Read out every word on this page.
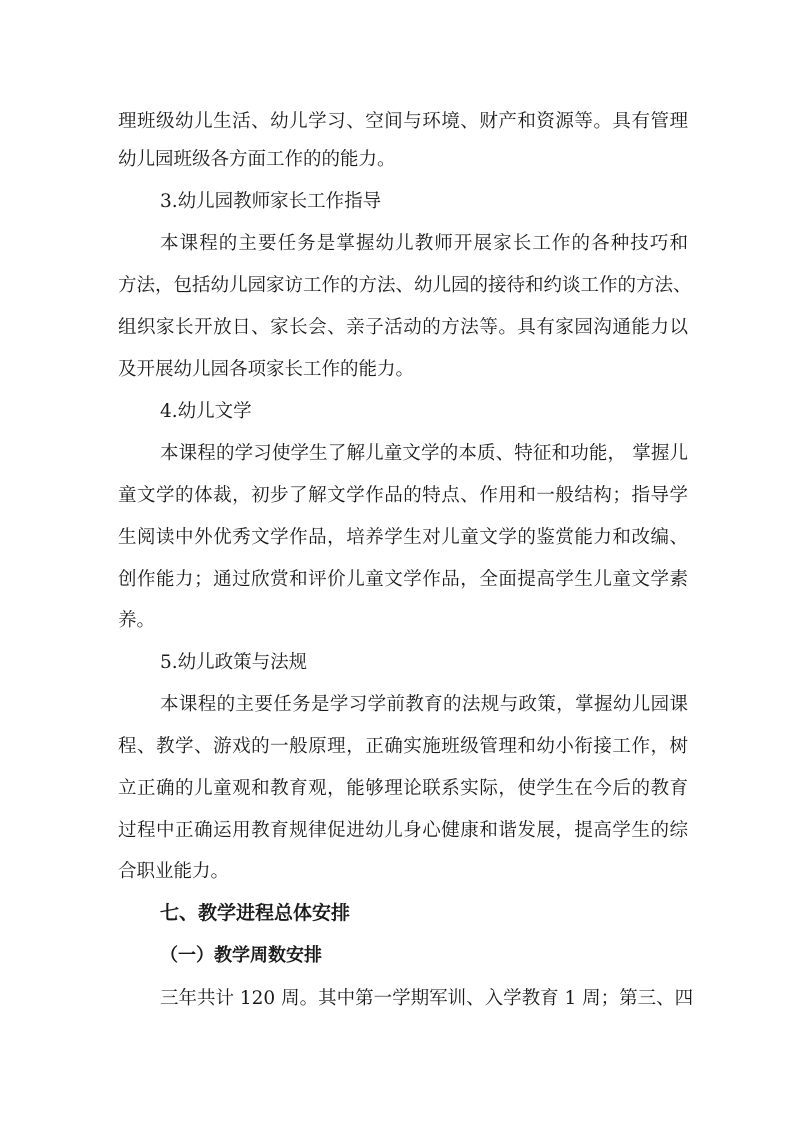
理班级幼儿生活、幼儿学习、空间与环境、财产和资源等。具有管理
幼儿园班级各方面工作的的能力。
3.幼儿园教师家长工作指导
本课程的主要任务是掌握幼儿教师开展家长工作的各种技巧和
方法，包括幼儿园家访工作的方法、幼儿园的接待和约谈工作的方法、
组织家长开放日、家长会、亲子活动的方法等。具有家园沟通能力以
及开展幼儿园各项家长工作的能力。
4.幼儿文学
本课程的学习使学生了解儿童文学的本质、特征和功能， 掌握儿
童文学的体裁，初步了解文学作品的特点、作用和一般结构；指导学
生阅读中外优秀文学作品，培养学生对儿童文学的鉴赏能力和改编、
创作能力；通过欣赏和评价儿童文学作品，全面提高学生儿童文学素
养。
5.幼儿政策与法规
本课程的主要任务是学习学前教育的法规与政策，掌握幼儿园课
程、教学、游戏的一般原理，正确实施班级管理和幼小衔接工作，树
立正确的儿童观和教育观，能够理论联系实际，使学生在今后的教育
过程中正确运用教育规律促进幼儿身心健康和谐发展，提高学生的综
合职业能力。
七、教学进程总体安排
（一）教学周数安排
三年共计 120 周。其中第一学期军训、入学教育 1 周；第三、四
